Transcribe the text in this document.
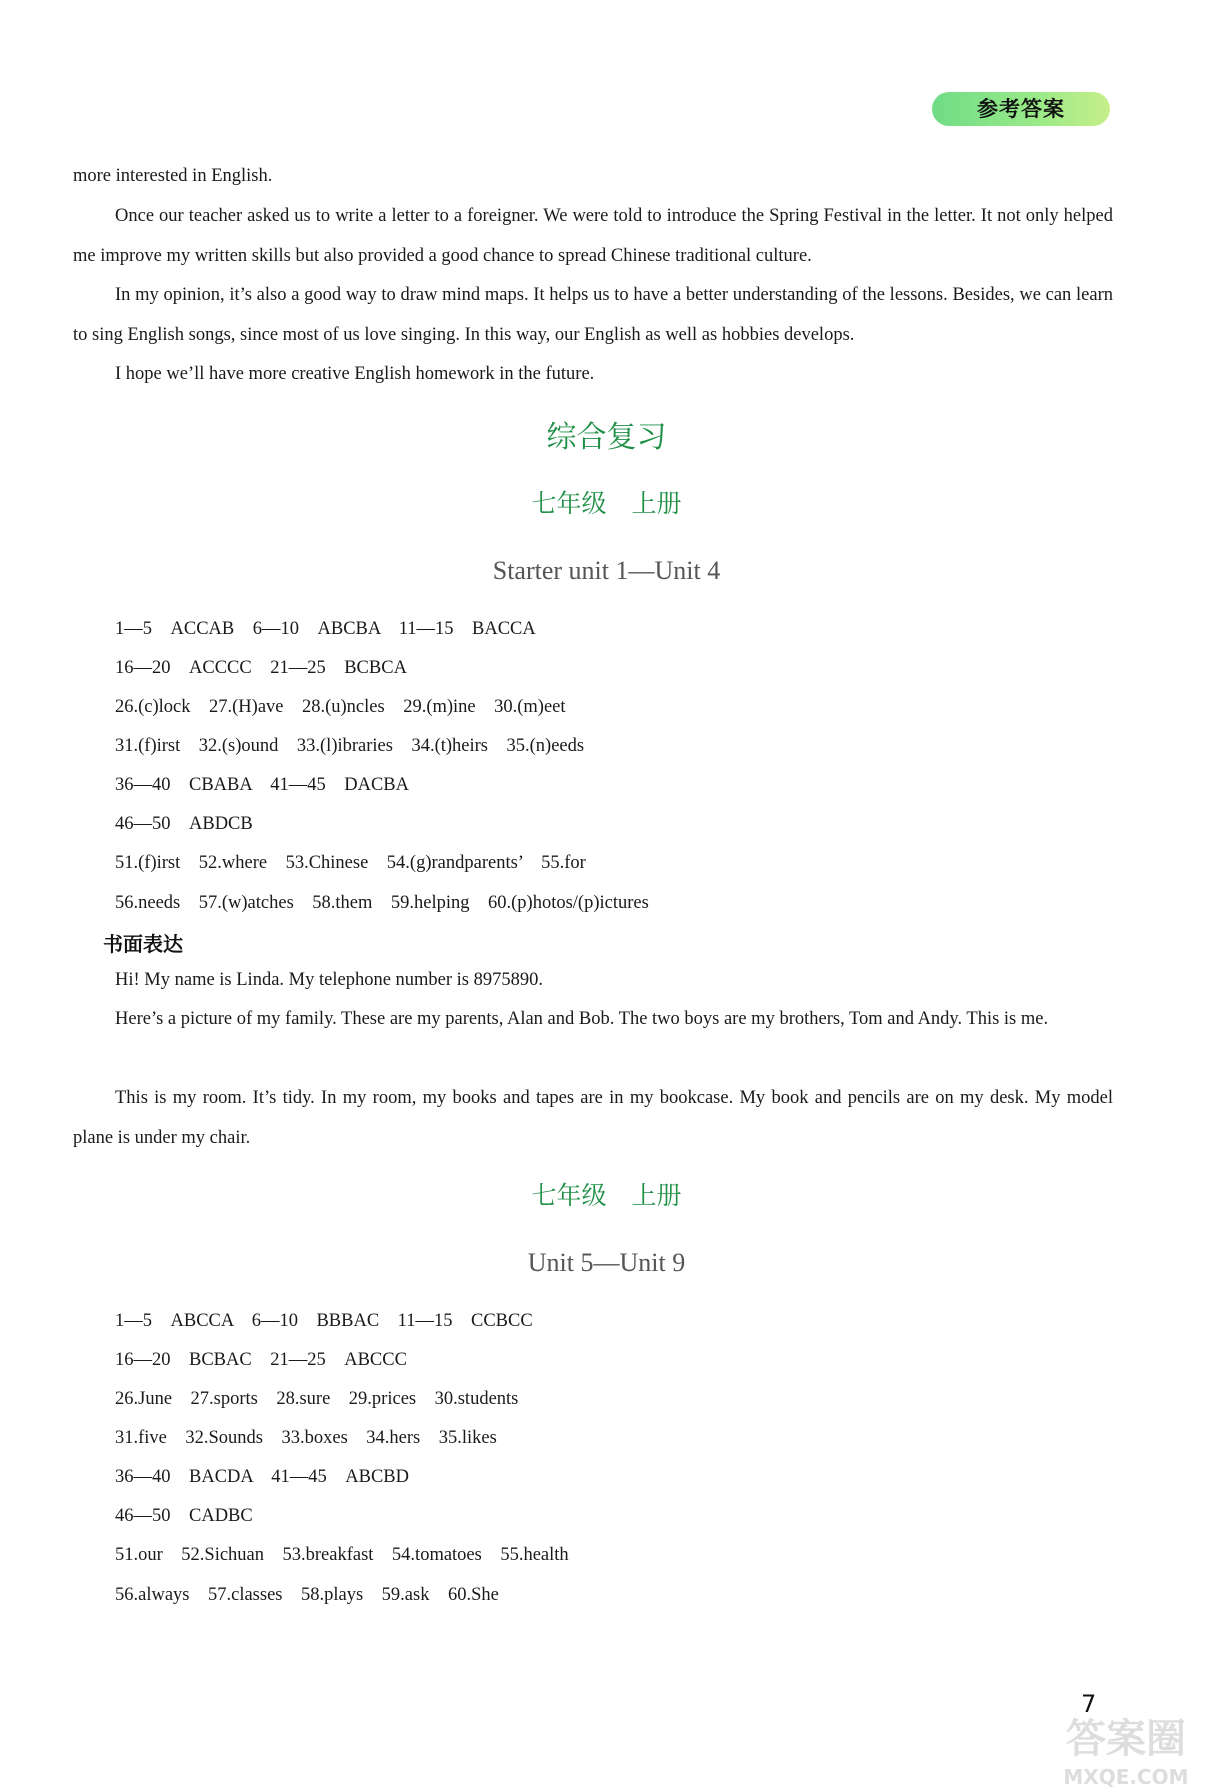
参考答案
more interested in English.
Once our teacher asked us to write a letter to a foreigner. We were told to introduce the Spring Festival in the letter. It not only helped me improve my written skills but also provided a good chance to spread Chinese traditional culture.
In my opinion, it’s also a good way to draw mind maps. It helps us to have a better understanding of the lessons. Besides, we can learn to sing English songs, since most of us love singing. In this way, our English as well as hobbies develops.
I hope we’ll have more creative English homework in the future.
综合复习
七年级　上册
Starter unit 1—Unit 4
1—5　ACCAB　6—10　ABCBA　11—15　BACCA
16—20　ACCCC　21—25　BCBCA
26.(c)lock　27.(H)ave　28.(u)ncles　29.(m)ine　30.(m)eet
31.(f)irst　32.(s)ound　33.(l)ibraries　34.(t)heirs　35.(n)eeds
36—40　CBABA　41—45　DACBA
46—50　ABDCB
51.(f)irst　52.where　53.Chinese　54.(g)randparents’　55.for
56.needs　57.(w)atches　58.them　59.helping　60.(p)hotos/(p)ictures
书面表达
Hi! My name is Linda. My telephone number is 8975890.
Here’s a picture of my family. These are my parents, Alan and Bob. The two boys are my brothers, Tom and Andy. This is me.
This is my room. It’s tidy. In my room, my books and tapes are in my bookcase. My book and pencils are on my desk. My model plane is under my chair.
七年级　上册
Unit 5—Unit 9
1—5　ABCCA　6—10　BBBAC　11—15　CCBCC
16—20　BCBAC　21—25　ABCCC
26.June　27.sports　28.sure　29.prices　30.students
31.five　32.Sounds　33.boxes　34.hers　35.likes
36—40　BACDA　41—45　ABCBD
46—50　CADBC
51.our　52.Sichuan　53.breakfast　54.tomatoes　55.health
56.always　57.classes　58.plays　59.ask　60.She
7
答案圈
MXQE.COM
